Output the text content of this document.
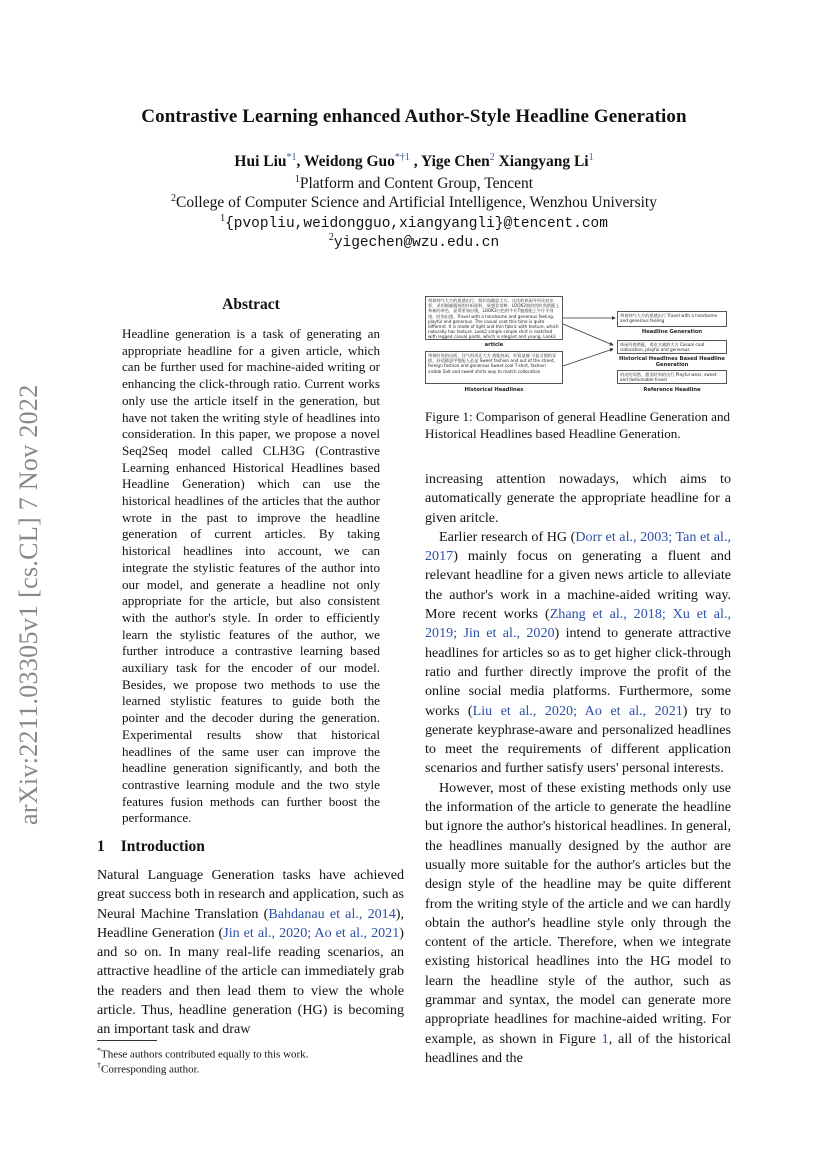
Contrastive Learning enhanced Author-Style Headline Generation
Hui Liu$^{*1}$, Weidong Guo$^{*\dagger 1}$ , Yige Chen$^2$ Xiangyang Li$^1$
$^1$Platform and Content Group, Tencent
$^2$College of Computer Science and Artificial Intelligence, Wenzhou University
$^1${pvopliu,weidongguo,xiangyangli}@tencent.com
$^2$yigechen@wzu.edu.cn
arXiv:2211.03305v1 [cs.CL] 7 Nov 2022
Abstract
Headline generation is a task of generating an appropriate headline for a given article, which can be further used for machine-aided writing or enhancing the click-through ratio. Current works only use the article itself in the generation, but have not taken the writing style of headlines into consideration. In this paper, we propose a novel Seq2Seq model called CLH3G (Contrastive Learning enhanced Historical Headlines based Headline Generation) which can use the historical headlines of the articles that the author wrote in the past to improve the headline generation of current articles. By taking historical headlines into account, we can integrate the stylistic features of the author into our model, and generate a headline not only appropriate for the article, but also consistent with the author's style. In order to efficiently learn the stylistic features of the author, we further introduce a contrastive learning based auxiliary task for the encoder of our model. Besides, we propose two methods to use the learned stylistic features to guide both the pointer and the decoder during the generation. Experimental results show that historical headlines of the same user can improve the headline generation significantly, and both the contrastive learning module and the two style features fusion methods can further boost the performance.
1 Introduction
Natural Language Generation tasks have achieved great success both in research and application, such as Neural Machine Translation (Bahdanau et al., 2014), Headline Generation (Jin et al., 2020; Ao et al., 2021) and so on. In many real-life reading scenarios, an attractive headline of the article can immediately grab the readers and then lead them to view the whole article. Thus, headline generation (HG) is becoming an important task and draw
*These authors contributed equally to this work.
†Corresponding author.
带着帅气大方的质感出行，简约而随意大方。这次的休闲开衫比较出彩，采用细腻精致的针织面料，质感非常棒，LOOK2简约的时尚搭配上革新的单色，显得更加出挑，LOOK3白色的牛仔T恤搭配上牛仔半身裙，时尚出挑。Travel with a handsome and generous feeling, playful and generous. The casual coat this time is quite different. It is made of light and thin fabric with texture, which naturally has texture. Look2 simple simple shirt is matched with legged casual pants, which is elegant and young. Look3
article
带着时尚的出街，洋气时尚还大方 搭配休闲，好看显瘦 可盐可甜的穿搭，舒适随意甲搭配人必是 Sweet fashion and out of the street, foreign fashion and generous Sweet cool T-shirt, fashion visible Salt and sweet shirts way to match collocation
Historical Headlines
带着帅气大方的质感出行 Travel with a handsome and generous feeling
Headline Generation
休闲外套搭配，俏皮又减龄大方 Casual coat collocation, playful and generous
Historical Headlines Based Headline Generation
俏皮的穿搭，甜美时尚的出行 Playful wear, sweet and fashionable travel
Reference Headline
Figure 1: Comparison of general Headline Generation and Historical Headlines based Headline Generation.

increasing attention nowadays, which aims to automatically generate the appropriate headline for a given aritcle.

Earlier research of HG (Dorr et al., 2003; Tan et al., 2017) mainly focus on generating a fluent and relevant headline for a given news article to alleviate the author's work in a machine-aided writing way. More recent works (Zhang et al., 2018; Xu et al., 2019; Jin et al., 2020) intend to generate attractive headlines for articles so as to get higher click-through ratio and further directly improve the profit of the online social media platforms. Furthermore, some works (Liu et al., 2020; Ao et al., 2021) try to generate keyphrase-aware and personalized headlines to meet the requirements of different application scenarios and further satisfy users' personal interests.

However, most of these existing methods only use the information of the article to generate the headline but ignore the author's historical headlines. In general, the headlines manually designed by the author are usually more suitable for the author's articles but the design style of the headline may be quite different from the writing style of the article and we can hardly obtain the author's headline style only through the content of the article. Therefore, when we integrate existing historical headlines into the HG model to learn the headline style of the author, such as grammar and syntax, the model can generate more appropriate headlines for machine-aided writing. For example, as shown in Figure 1, all of the historical headlines and the
